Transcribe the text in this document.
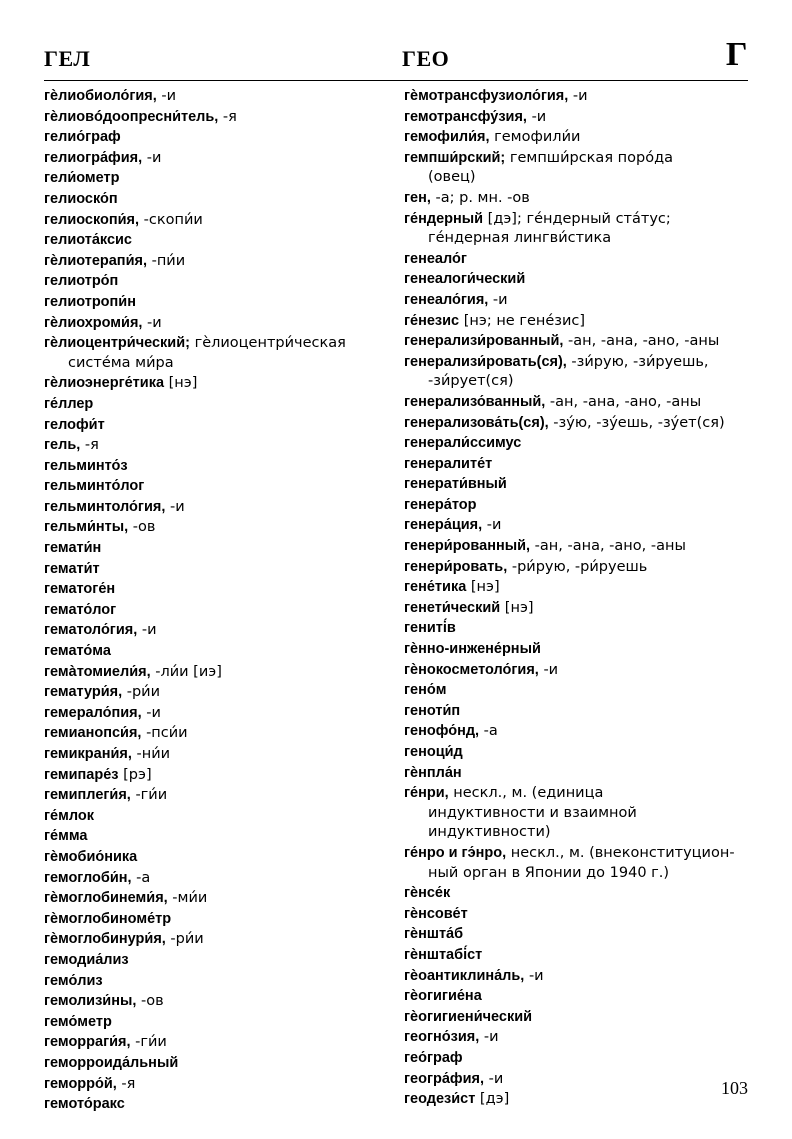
ГЕЛ	ГЕО	Г
гѐлиобиоло́гия, -и
гѐлиовóдоопресни́тель, -я
гелио́граф
гелиогра́фия, -и
гели́ометр
гелиоско́п
гелиоскопи́я, -скопи́и
гелиота́ксис
гѐлиотерапи́я, -пи́и
гелиотро́п
гелиотропи́н
гѐлиохроми́я, -и
гѐлиоцентри́ческий; гѐлиоцентри́ческая
систе́ма ми́ра
гѐлиоэнерге́тика [нэ]
ге́ллер
гелофи́т
гель, -я
гельминто́з
гельминто́лог
гельминтоло́гия, -и
гельми́нты, -ов
гемати́н
гемати́т
гематоге́н
гемато́лог
гематоло́гия, -и
гемато́ма
гемàтомиели́я, -ли́и [иэ]
гематури́я, -ри́и
гемерало́пия, -и
гемианопси́я, -пси́и
гемикрани́я, -ни́и
гемипаре́з [рэ]
гемиплеги́я, -ги́и
ге́млок
ге́мма
гѐмобио́ника
гемоглоби́н, -а
гѐмоглобинеми́я, -ми́и
гѐмоглобиноме́тр
гѐмоглобинури́я, -ри́и
гемодиа́лиз
гемо́лиз
гемолизи́ны, -ов
гемо́метр
геморраги́я, -ги́и
геморроида́льный
геморро́й, -я
гемото́ракс
гѐмотрансфузиоло́гия, -и
гемотрансфу́зия, -и
гемофили́я, гемофили́и
гемпши́рский; гемпши́рская поро́да
(овец)
ген, -а; р. мн. -ов
ге́ндерный [дэ]; ге́ндерный ста́тус;
ге́ндерная лингви́стика
генеало́г
генеалоги́ческий
генеало́гия, -и
ге́незис [нэ; не гене́зис]
генерализи́рованный, -ан, -ана, -ано, -аны
генерализи́ровать(ся), -зи́рую, -зи́руешь,
-зи́рует(ся)
генерализо́ванный, -ан, -ана, -ано, -аны
генерализова́ть(ся), -зу́ю, -зу́ешь, -зу́ет(ся)
генерали́ссимус
генералите́т
генерати́вный
генера́тор
генера́ция, -и
генери́рованный, -ан, -ана, -ано, -аны
генери́ровать, -ри́рую, -ри́руешь
гене́тика [нэ]
генети́ческий [нэ]
гениті́в
гѐнно-инжене́рный
гѐнокосметоло́гия, -и
гено́м
геноти́п
генофо́нд, -а
геноци́д
гѐнпла́н
ге́нри, нескл., м. (единица
индуктивности и взаимной
индуктивности)
ге́нро и гэ́нро, нескл., м. (внеконституцион-
ный орган в Японии до 1940 г.)
гѐнсе́к
гѐнсове́т
гѐншта́б
гѐнштабі́ст
гѐоантиклина́ль, -и
гѐогигие́на
гѐогигиени́ческий
геогно́зия, -и
гео́граф
геогра́фия, -и
геодези́ст [дэ]
103
